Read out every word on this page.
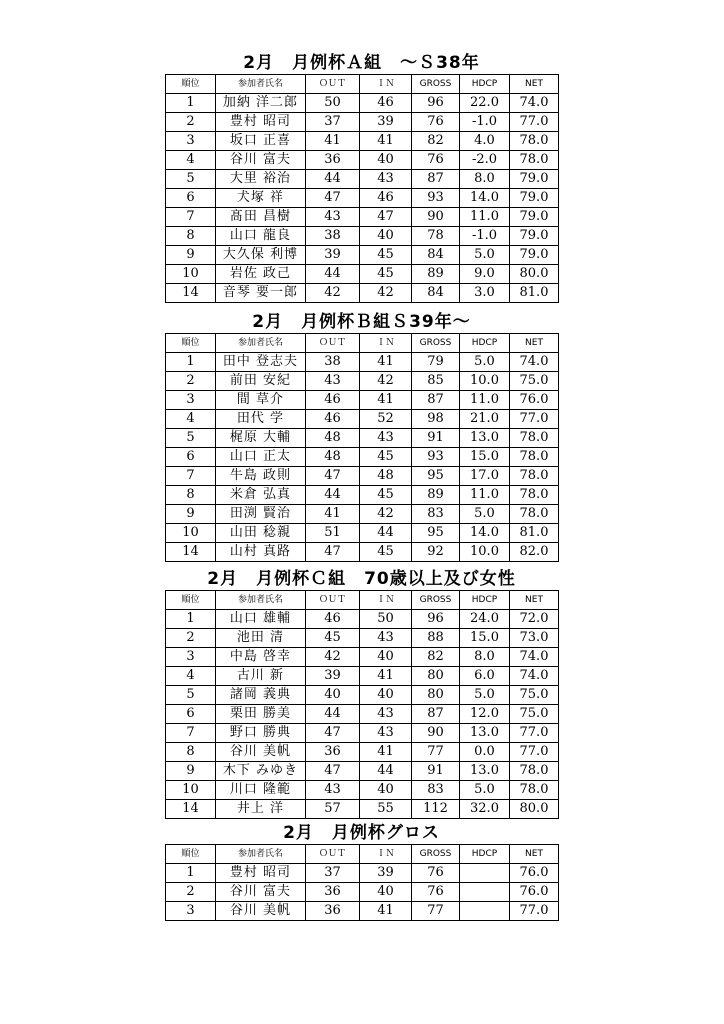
2月　月例杯Ａ組　～Ｓ38年
順位	参加者氏名	ＯＵＴ	ＩＮ	GROSS	HDCP	NET
1	加納 洋二郎	50	46	96	22.0	74.0
2	豊村 昭司	37	39	76	-1.0	77.0
3	坂口 正喜	41	41	82	4.0	78.0
4	谷川 富夫	36	40	76	-2.0	78.0
5	大里 裕治	44	43	87	8.0	79.0
6	犬塚 祥	47	46	93	14.0	79.0
7	髙田 昌樹	43	47	90	11.0	79.0
8	山口 龍良	38	40	78	-1.0	79.0
9	大久保 利博	39	45	84	5.0	79.0
10	岩佐 政己	44	45	89	9.0	80.0
14	音琴 要一郎	42	42	84	3.0	81.0
2月　月例杯Ｂ組Ｓ39年～
順位	参加者氏名	ＯＵＴ	ＩＮ	GROSS	HDCP	NET
1	田中 登志夫	38	41	79	5.0	74.0
2	前田 安紀	43	42	85	10.0	75.0
3	間 草介	46	41	87	11.0	76.0
4	田代 学	46	52	98	21.0	77.0
5	梶原 大輔	48	43	91	13.0	78.0
6	山口 正太	48	45	93	15.0	78.0
7	牛島 政則	47	48	95	17.0	78.0
8	米倉 弘真	44	45	89	11.0	78.0
9	田渕 賢治	41	42	83	5.0	78.0
10	山田 稔親	51	44	95	14.0	81.0
14	山村 真路	47	45	92	10.0	82.0
2月　月例杯Ｃ組　70歳以上及び女性
順位	参加者氏名	ＯＵＴ	ＩＮ	GROSS	HDCP	NET
1	山口 雄輔	46	50	96	24.0	72.0
2	池田 清	45	43	88	15.0	73.0
3	中島 啓幸	42	40	82	8.0	74.0
4	古川 新	39	41	80	6.0	74.0
5	諸岡 義典	40	40	80	5.0	75.0
6	栗田 勝美	44	43	87	12.0	75.0
7	野口 勝典	47	43	90	13.0	77.0
8	谷川 美帆	36	41	77	0.0	77.0
9	木下 みゆき	47	44	91	13.0	78.0
10	川口 隆範	43	40	83	5.0	78.0
14	井上 洋	57	55	112	32.0	80.0
2月　月例杯グロス
順位	参加者氏名	ＯＵＴ	ＩＮ	GROSS	HDCP	NET
1	豊村 昭司	37	39	76		76.0
2	谷川 富夫	36	40	76		76.0
3	谷川 美帆	36	41	77		77.0
